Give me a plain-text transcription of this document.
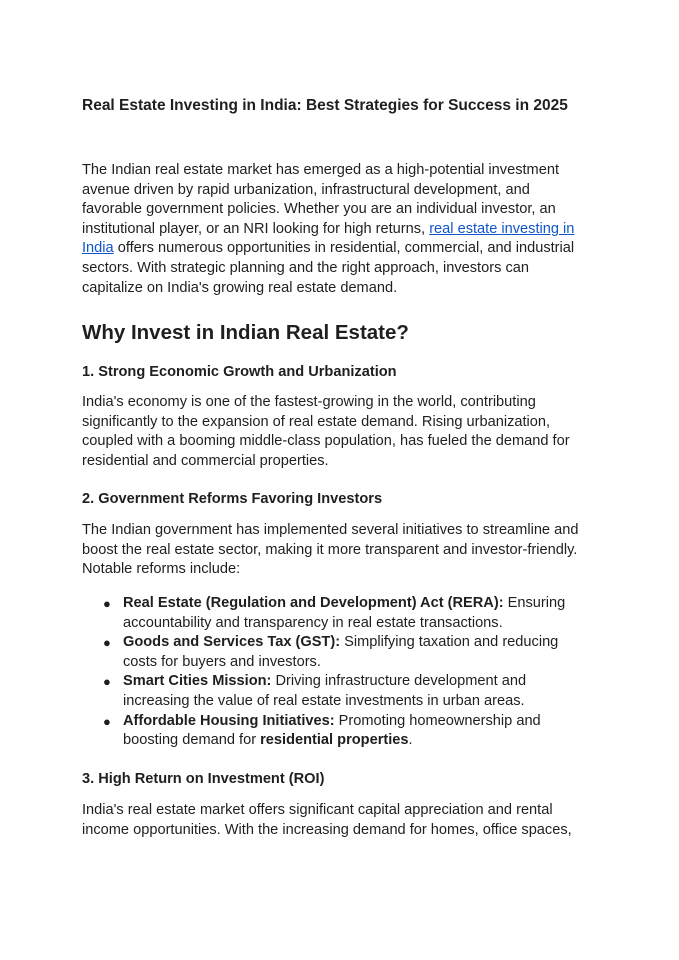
Real Estate Investing in India: Best Strategies for Success in 2025

The Indian real estate market has emerged as a high-potential investment avenue driven by rapid urbanization, infrastructural development, and favorable government policies. Whether you are an individual investor, an institutional player, or an NRI looking for high returns, real estate investing in India offers numerous opportunities in residential, commercial, and industrial sectors. With strategic planning and the right approach, investors can capitalize on India's growing real estate demand.

Why Invest in Indian Real Estate?
1. Strong Economic Growth and Urbanization

India's economy is one of the fastest-growing in the world, contributing significantly to the expansion of real estate demand. Rising urbanization, coupled with a booming middle-class population, has fueled the demand for residential and commercial properties.

2. Government Reforms Favoring Investors

The Indian government has implemented several initiatives to streamline and boost the real estate sector, making it more transparent and investor-friendly. Notable reforms include:

● Real Estate (Regulation and Development) Act (RERA): Ensuring accountability and transparency in real estate transactions.
● Goods and Services Tax (GST): Simplifying taxation and reducing costs for buyers and investors.
● Smart Cities Mission: Driving infrastructure development and increasing the value of real estate investments in urban areas.
● Affordable Housing Initiatives: Promoting homeownership and boosting demand for residential properties.
3. High Return on Investment (ROI)

India's real estate market offers significant capital appreciation and rental income opportunities. With the increasing demand for homes, office spaces,
